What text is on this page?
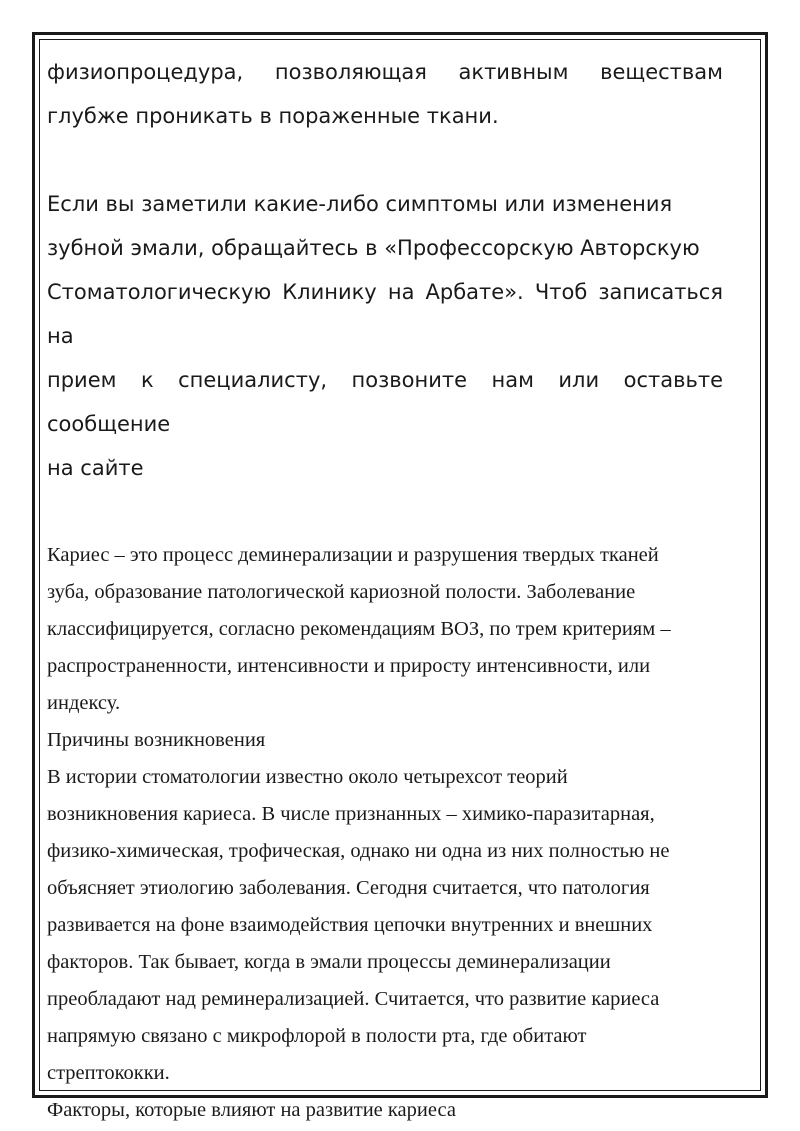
физиопроцедура, позволяющая активным веществам глубже проникать в пораженные ткани.

Если вы заметили какие-либо симптомы или изменения

зубной эмали, обращайтесь в «Профессорскую Авторскую

Стоматологическую Клинику на Арбате». Чтоб записаться на

прием к специалисту, позвоните нам или оставьте сообщение

на сайте

Кариес – это процесс деминерализации и разрушения твердых тканей

зуба, образование патологической кариозной полости. Заболевание

классифицируется, согласно рекомендациям ВОЗ, по трем критериям –

распространенности, интенсивности и приросту интенсивности, или

индексу.

Причины возникновения

В истории стоматологии известно около четырехсот теорий

возникновения кариеса. В числе признанных – химико-паразитарная,

физико-химическая, трофическая, однако ни одна из них полностью не

объясняет этиологию заболевания. Сегодня считается, что патология

развивается на фоне взаимодействия цепочки внутренних и внешних

факторов. Так бывает, когда в эмали процессы деминерализации

преобладают над реминерализацией. Считается, что развитие кариеса

напрямую связано с микрофлорой в полости рта, где обитают

стрептококки.

Факторы, которые влияют на развитие кариеса
